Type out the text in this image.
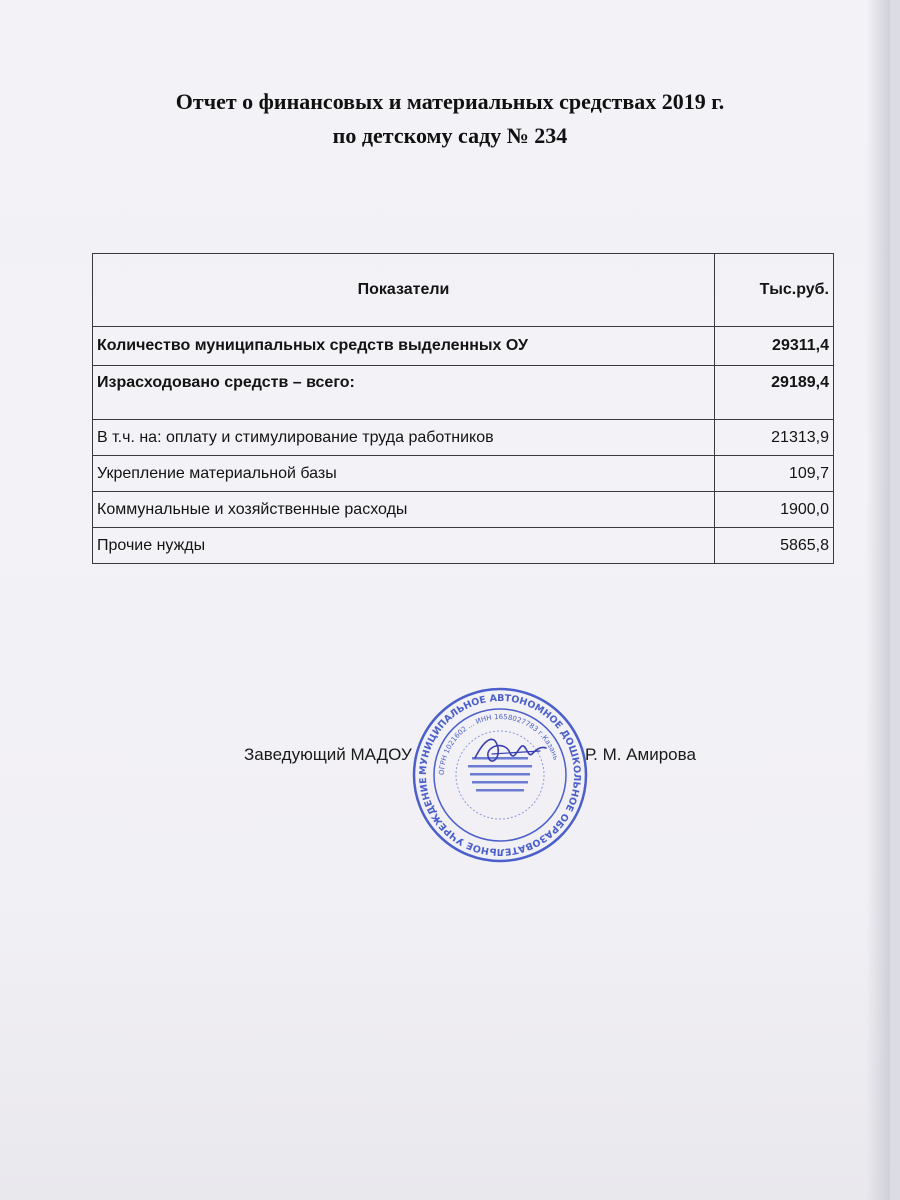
Отчет о финансовых и материальных средствах 2019 г.
по детскому саду № 234
Показатели	Тыс.руб.
Количество муниципальных средств выделенных ОУ	29311,4
Израсходовано средств – всего:	29189,4
В т.ч. на: оплату и стимулирование труда работников	21313,9
Укрепление материальной базы	109,7
Коммунальные и хозяйственные расходы	1900,0
Прочие нужды	5865,8
Заведующий МАДОУ	Р. М. Амирова
МУНИЦИПАЛЬНОЕ АВТОНОМНОЕ ДОШКОЛЬНОЕ ОБРАЗОВАТЕЛЬНОЕ УЧРЕЖДЕНИЕ
ОГРН 1021602 ... ИНН 1658027783 г.Казань
